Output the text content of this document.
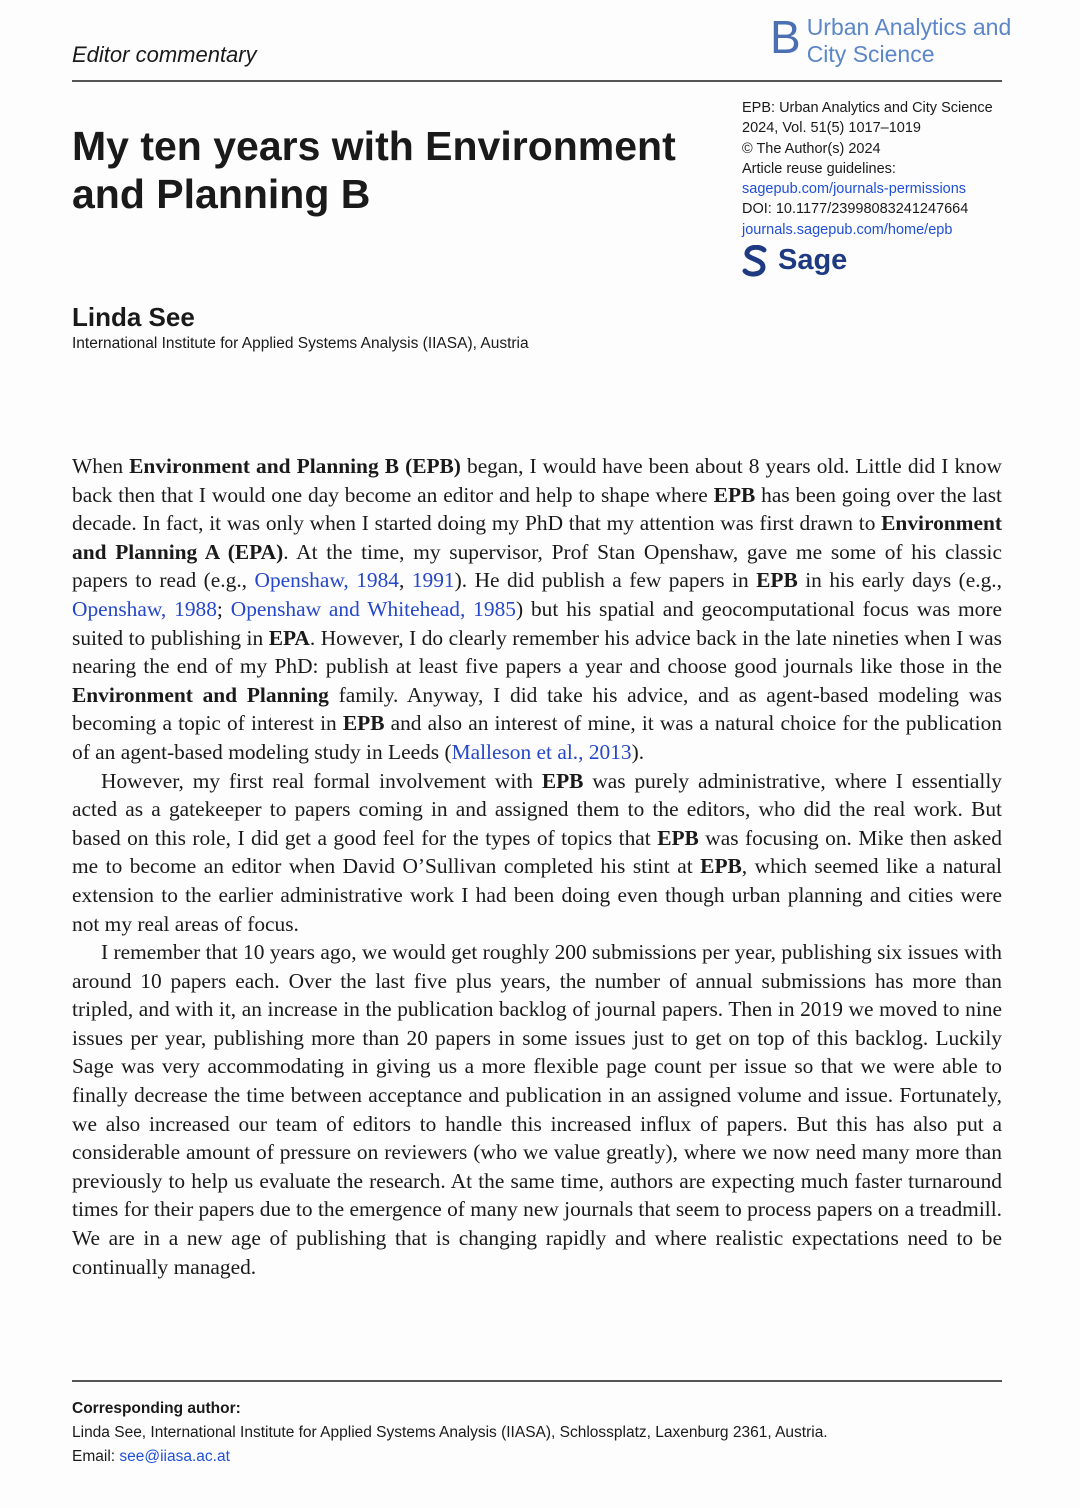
Editor commentary	B Urban Analytics and
City Science
My ten years with Environment and Planning B
EPB: Urban Analytics and City Science
2024, Vol. 51(5) 1017–1019
© The Author(s) 2024
Article reuse guidelines:
sagepub.com/journals-permissions
DOI: 10.1177/23998083241247664
journals.sagepub.com/home/epb
Sage
Linda See
International Institute for Applied Systems Analysis (IIASA), Austria

When Environment and Planning B (EPB) began, I would have been about 8 years old. Little did I know back then that I would one day become an editor and help to shape where EPB has been going over the last decade. In fact, it was only when I started doing my PhD that my attention was first drawn to Environment and Planning A (EPA). At the time, my supervisor, Prof Stan Openshaw, gave me some of his classic papers to read (e.g., Openshaw, 1984, 1991). He did publish a few papers in EPB in his early days (e.g., Openshaw, 1988; Openshaw and Whitehead, 1985) but his spatial and geocomputational focus was more suited to publishing in EPA. However, I do clearly remember his advice back in the late nineties when I was nearing the end of my PhD: publish at least five papers a year and choose good journals like those in the Environment and Planning family. Anyway, I did take his advice, and as agent-based modeling was becoming a topic of interest in EPB and also an interest of mine, it was a natural choice for the publication of an agent-based modeling study in Leeds (Malleson et al., 2013).

However, my first real formal involvement with EPB was purely administrative, where I essentially acted as a gatekeeper to papers coming in and assigned them to the editors, who did the real work. But based on this role, I did get a good feel for the types of topics that EPB was focusing on. Mike then asked me to become an editor when David O’Sullivan completed his stint at EPB, which seemed like a natural extension to the earlier administrative work I had been doing even though urban planning and cities were not my real areas of focus.

I remember that 10 years ago, we would get roughly 200 submissions per year, publishing six issues with around 10 papers each. Over the last five plus years, the number of annual submissions has more than tripled, and with it, an increase in the publication backlog of journal papers. Then in 2019 we moved to nine issues per year, publishing more than 20 papers in some issues just to get on top of this backlog. Luckily Sage was very accommodating in giving us a more flexible page count per issue so that we were able to finally decrease the time between acceptance and publication in an assigned volume and issue. Fortunately, we also increased our team of editors to handle this increased influx of papers. But this has also put a considerable amount of pressure on reviewers (who we value greatly), where we now need many more than previously to help us evaluate the research. At the same time, authors are expecting much faster turnaround times for their papers due to the emergence of many new journals that seem to process papers on a treadmill. We are in a new age of publishing that is changing rapidly and where realistic expectations need to be continually managed.

Corresponding author:
Linda See, International Institute for Applied Systems Analysis (IIASA), Schlossplatz, Laxenburg 2361, Austria.
Email: see@iiasa.ac.at
